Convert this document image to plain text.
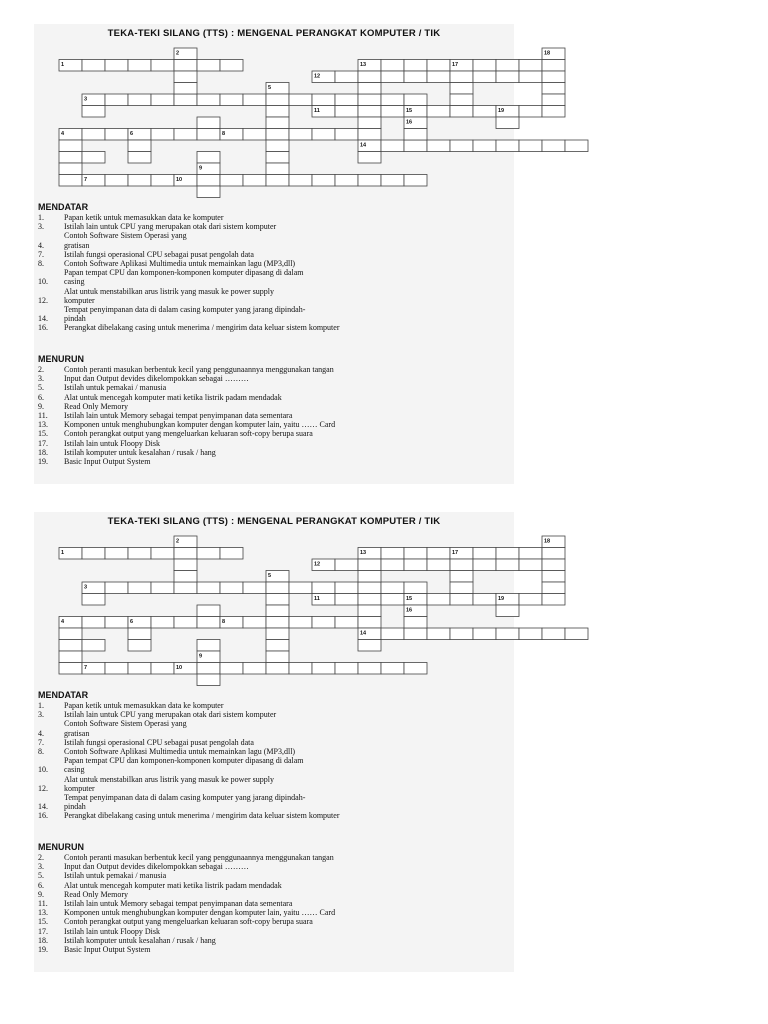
TEKA-TEKI SILANG (TTS) : MENGENAL PERANGKAT KOMPUTER / TIK
2	18
1	13	17
12
5
3
11	15	19
16
4	6	8
14
9
7	10
MENDATAR
1.	Papan ketik untuk memasukkan data ke komputer
3.	Istilah lain untuk CPU yang merupakan otak dari sistem komputer
Contoh Software Sistem Operasi yang
4.	gratisan
7.	Istilah fungsi operasional CPU sebagai pusat pengolah data
8.	Contoh Software Aplikasi Multimedia untuk memainkan lagu (MP3,dll)
Papan tempat CPU dan komponen-komponen komputer dipasang di dalam
10.	casing
Alat untuk menstabilkan arus listrik yang masuk ke power supply
12.	komputer
Tempat penyimpanan data di dalam casing komputer yang jarang dipindah-
14.	pindah
16.	Perangkat dibelakang casing untuk menerima / mengirim data keluar sistem komputer
MENURUN
2.	Contoh peranti masukan berbentuk kecil yang penggunaannya menggunakan tangan
3.	Input dan Output devides dikelompokkan sebagai ………
5.	Istilah untuk pemakai / manusia
6.	Alat untuk mencegah komputer mati ketika listrik padam mendadak
9.	Read Only Memory
11.	Istilah lain untuk Memory sebagai tempat penyimpanan data sementara
13.	Komponen untuk menghubungkan komputer dengan komputer lain, yaitu …… Card
15.	Contoh perangkat output yang mengeluarkan keluaran soft-copy berupa suara
17.	Istilah lain untuk Floopy Disk
18.	Istilah komputer untuk kesalahan / rusak / hang
19.	Basic Input Output System
TEKA-TEKI SILANG (TTS) : MENGENAL PERANGKAT KOMPUTER / TIK
2	18
1	13	17
12
5
3
11	15	19
16
4	6	8
14
9
7	10
MENDATAR
1.	Papan ketik untuk memasukkan data ke komputer
3.	Istilah lain untuk CPU yang merupakan otak dari sistem komputer
Contoh Software Sistem Operasi yang
4.	gratisan
7.	Istilah fungsi operasional CPU sebagai pusat pengolah data
8.	Contoh Software Aplikasi Multimedia untuk memainkan lagu (MP3,dll)
Papan tempat CPU dan komponen-komponen komputer dipasang di dalam
10.	casing
Alat untuk menstabilkan arus listrik yang masuk ke power supply
12.	komputer
Tempat penyimpanan data di dalam casing komputer yang jarang dipindah-
14.	pindah
16.	Perangkat dibelakang casing untuk menerima / mengirim data keluar sistem komputer
MENURUN
2.	Contoh peranti masukan berbentuk kecil yang penggunaannya menggunakan tangan
3.	Input dan Output devides dikelompokkan sebagai ………
5.	Istilah untuk pemakai / manusia
6.	Alat untuk mencegah komputer mati ketika listrik padam mendadak
9.	Read Only Memory
11.	Istilah lain untuk Memory sebagai tempat penyimpanan data sementara
13.	Komponen untuk menghubungkan komputer dengan komputer lain, yaitu …… Card
15.	Contoh perangkat output yang mengeluarkan keluaran soft-copy berupa suara
17.	Istilah lain untuk Floopy Disk
18.	Istilah komputer untuk kesalahan / rusak / hang
19.	Basic Input Output System
